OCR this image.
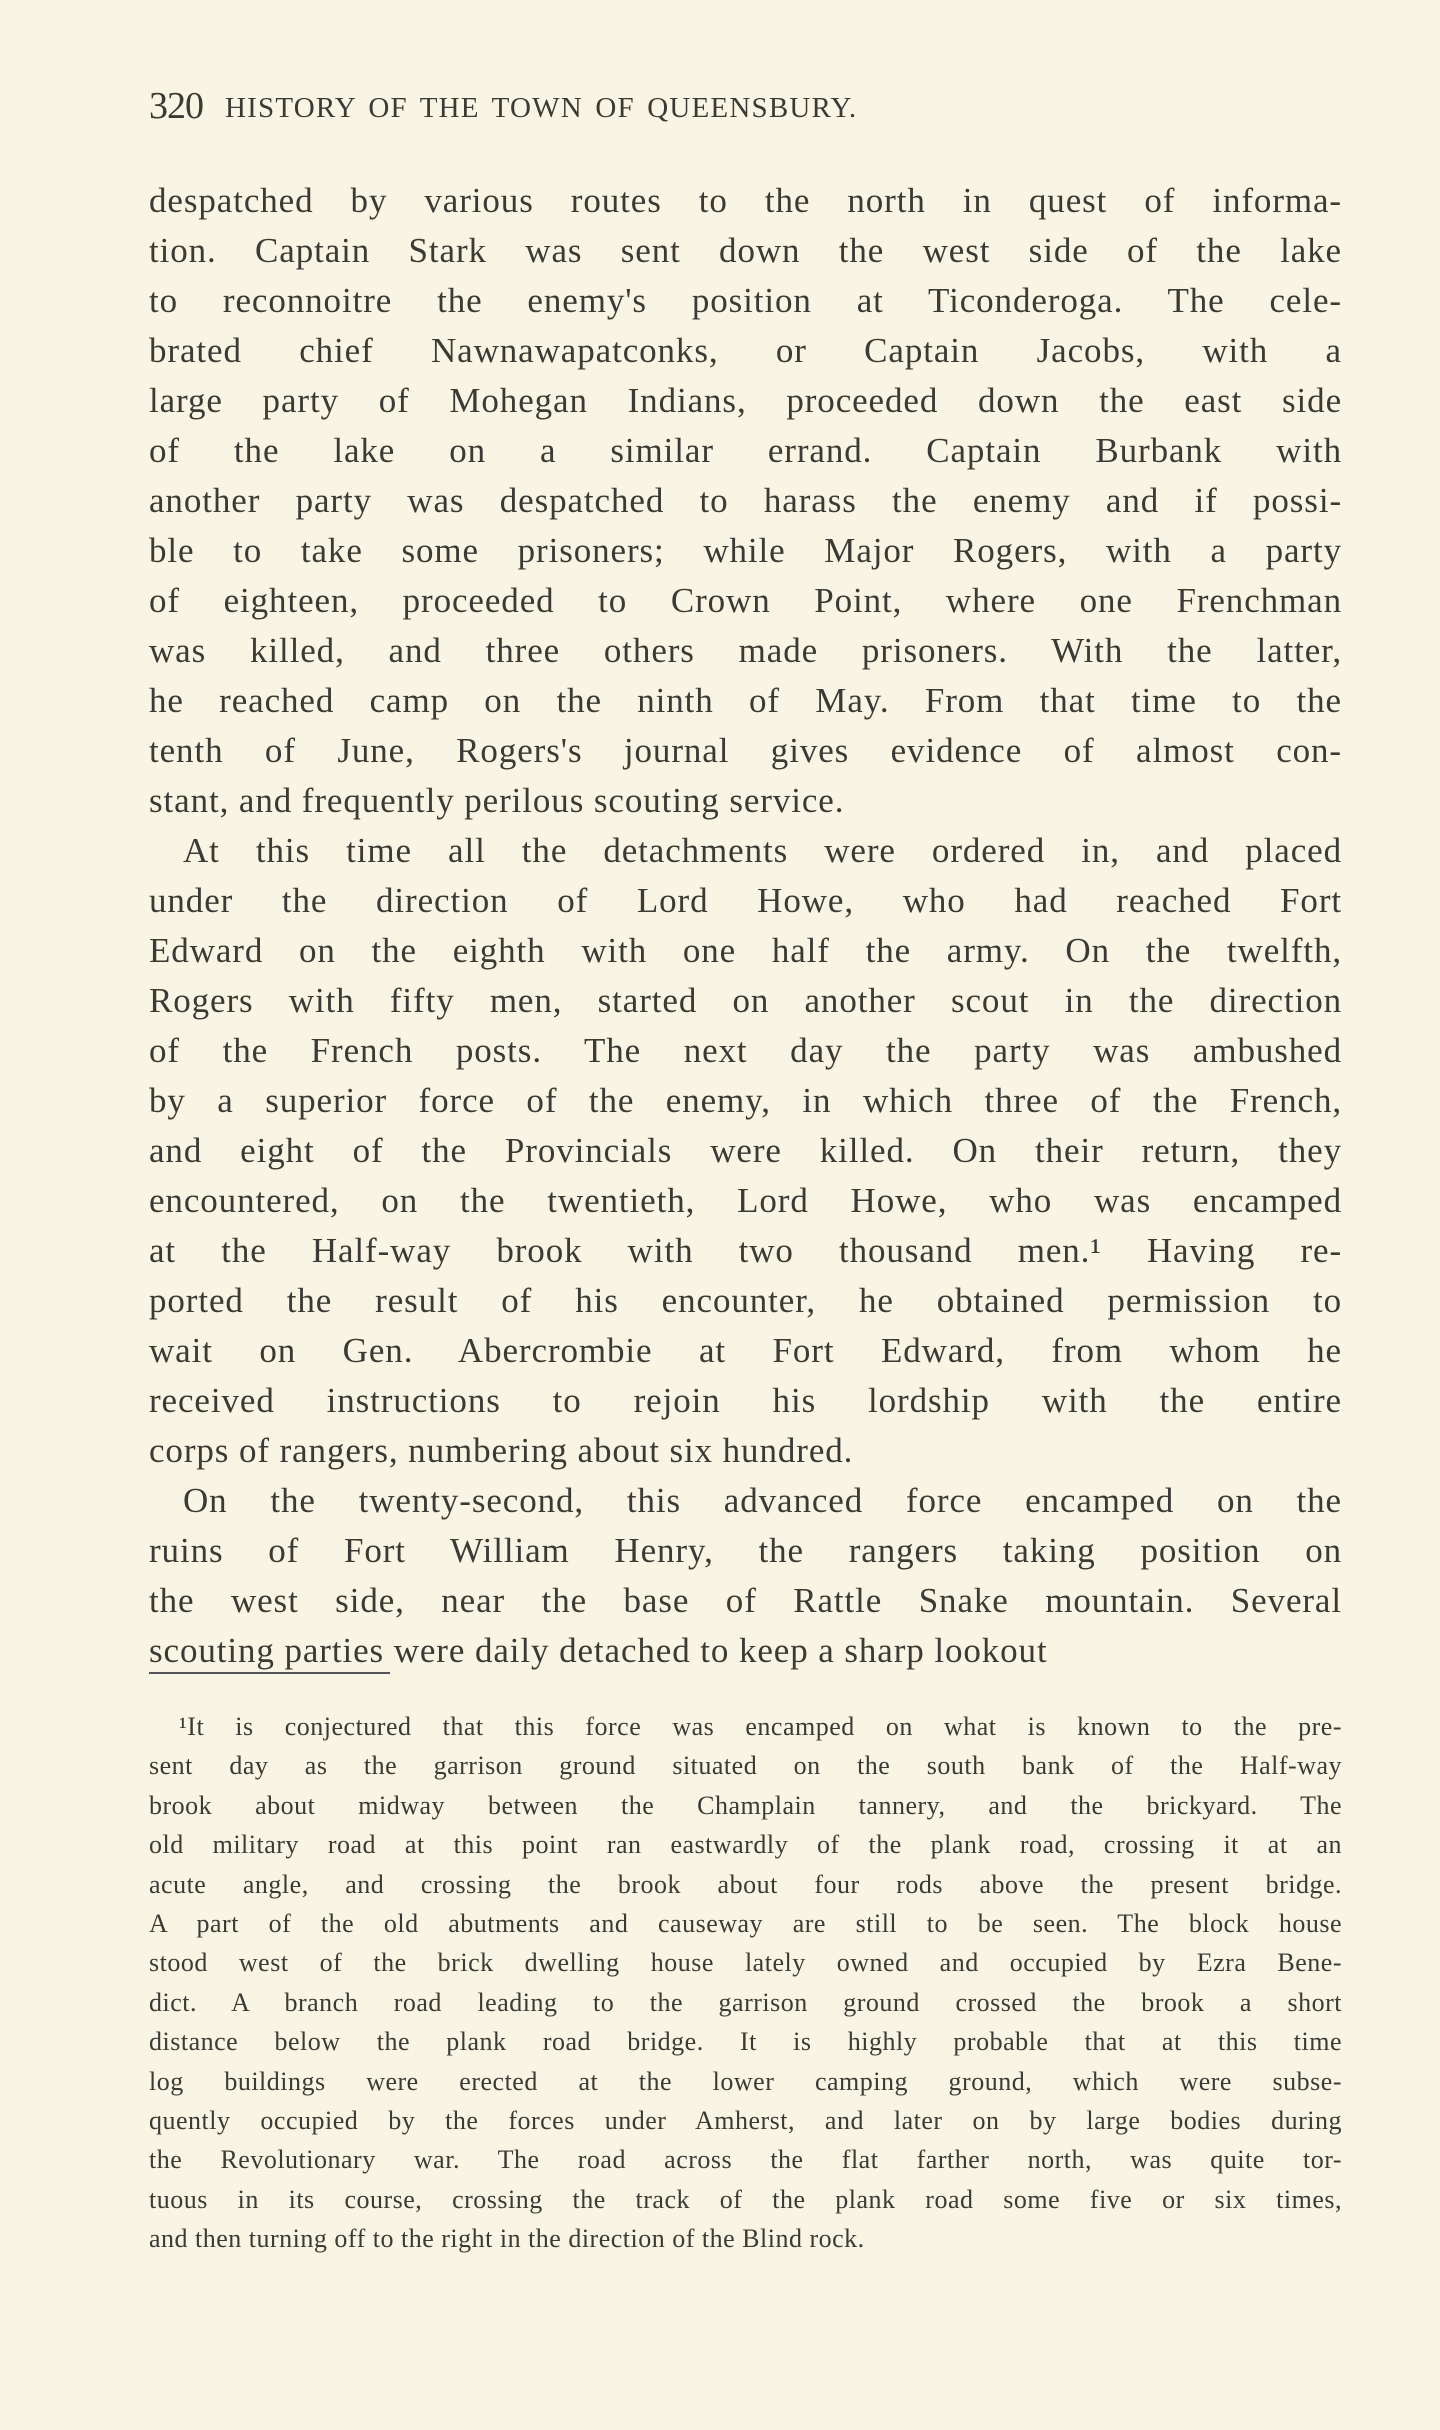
320 HISTORY OF THE TOWN OF QUEENSBURY.
despatched by various routes to the north in quest of informa-
tion. Captain Stark was sent down the west side of the lake
to reconnoitre the enemy's position at Ticonderoga. The cele-
brated chief Nawnawapatconks, or Captain Jacobs, with a
large party of Mohegan Indians, proceeded down the east side
of the lake on a similar errand. Captain Burbank with
another party was despatched to harass the enemy and if possi-
ble to take some prisoners; while Major Rogers, with a party
of eighteen, proceeded to Crown Point, where one Frenchman
was killed, and three others made prisoners. With the latter,
he reached camp on the ninth of May. From that time to the
tenth of June, Rogers's journal gives evidence of almost con-
stant, and frequently perilous scouting service.
At this time all the detachments were ordered in, and placed
under the direction of Lord Howe, who had reached Fort
Edward on the eighth with one half the army. On the twelfth,
Rogers with fifty men, started on another scout in the direction
of the French posts. The next day the party was ambushed
by a superior force of the enemy, in which three of the French,
and eight of the Provincials were killed. On their return, they
encountered, on the twentieth, Lord Howe, who was encamped
at the Half-way brook with two thousand men.¹ Having re-
ported the result of his encounter, he obtained permission to
wait on Gen. Abercrombie at Fort Edward, from whom he
received instructions to rejoin his lordship with the entire
corps of rangers, numbering about six hundred.
On the twenty-second, this advanced force encamped on the
ruins of Fort William Henry, the rangers taking position on
the west side, near the base of Rattle Snake mountain. Several
scouting parties were daily detached to keep a sharp lookout
¹It is conjectured that this force was encamped on what is known to the pre-
sent day as the garrison ground situated on the south bank of the Half-way
brook about midway between the Champlain tannery, and the brickyard. The
old military road at this point ran eastwardly of the plank road, crossing it at an
acute angle, and crossing the brook about four rods above the present bridge.
A part of the old abutments and causeway are still to be seen. The block house
stood west of the brick dwelling house lately owned and occupied by Ezra Bene-
dict. A branch road leading to the garrison ground crossed the brook a short
distance below the plank road bridge. It is highly probable that at this time
log buildings were erected at the lower camping ground, which were subse-
quently occupied by the forces under Amherst, and later on by large bodies during
the Revolutionary war. The road across the flat farther north, was quite tor-
tuous in its course, crossing the track of the plank road some five or six times,
and then turning off to the right in the direction of the Blind rock.
